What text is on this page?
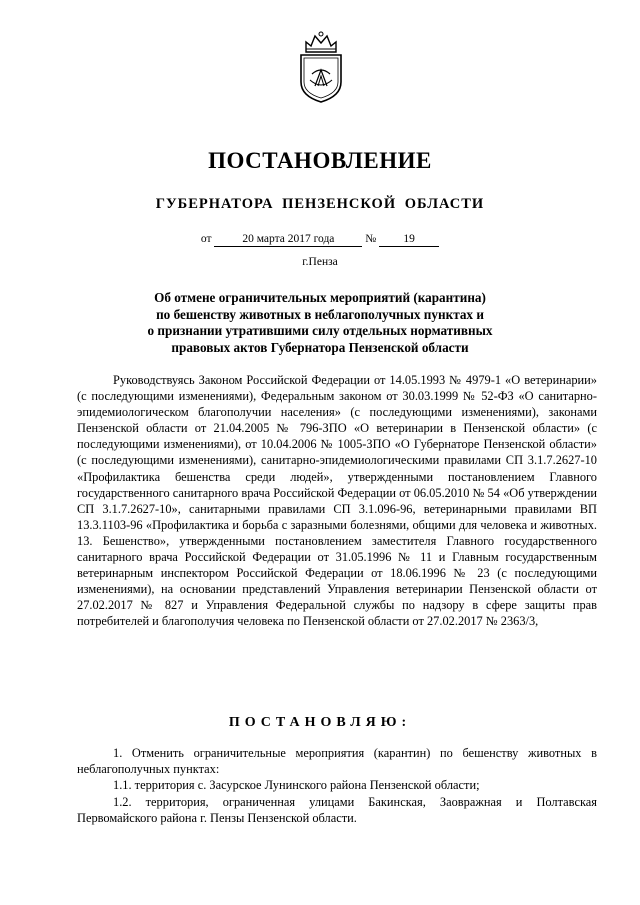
ПОСТАНОВЛЕНИЕ
ГУБЕРНАТОРА ПЕНЗЕНСКОЙ ОБЛАСТИ
от	20 марта 2017 года	№ 19
г.Пенза
Об отмене ограничительных мероприятий (карантина)
по бешенству животных в неблагополучных пунктах и
о признании утратившими силу отдельных нормативных
правовых актов Губернатора Пензенской области

Руководствуясь Законом Российской Федерации от 14.05.1993 № 4979-1 «О ветеринарии» (с последующими изменениями), Федеральным законом от 30.03.1999 № 52-ФЗ «О санитарно-эпидемиологическом благополучии населения» (с последующими изменениями), законами Пензенской области от 21.04.2005 № 796-ЗПО «О ветеринарии в Пензенской области» (с последующими изменениями), от 10.04.2006 № 1005-ЗПО «О Губернаторе Пензенской области» (с последующими изменениями), санитарно-эпидемиологическими правилами СП 3.1.7.2627-10 «Профилактика бешенства среди людей», утвержденными постановлением Главного государственного санитарного врача Российской Федерации от 06.05.2010 № 54 «Об утверждении СП 3.1.7.2627-10», санитарными правилами СП 3.1.096-96, ветеринарными правилами ВП 13.3.1103-96 «Профилактика и борьба с заразными болезнями, общими для человека и животных. 13. Бешенство», утвержденными постановлением заместителя Главного государственного санитарного врача Российской Федерации от 31.05.1996 № 11 и Главным государственным ветеринарным инспектором Российской Федерации от 18.06.1996 № 23 (с последующими изменениями), на основании представлений Управления ветеринарии Пензенской области от 27.02.2017 № 827 и Управления Федеральной службы по надзору в сфере защиты прав потребителей и благополучия человека по Пензенской области от 27.02.2017 № 2363/3,

ПОСТАНОВЛЯЮ:

1. Отменить ограничительные мероприятия (карантин) по бешенству животных в неблагополучных пунктах:

1.1. территория с. Засурское Лунинского района Пензенской области;

1.2. территория, ограниченная улицами Бакинская, Заовражная и Полтавская Первомайского района г. Пензы Пензенской области.
